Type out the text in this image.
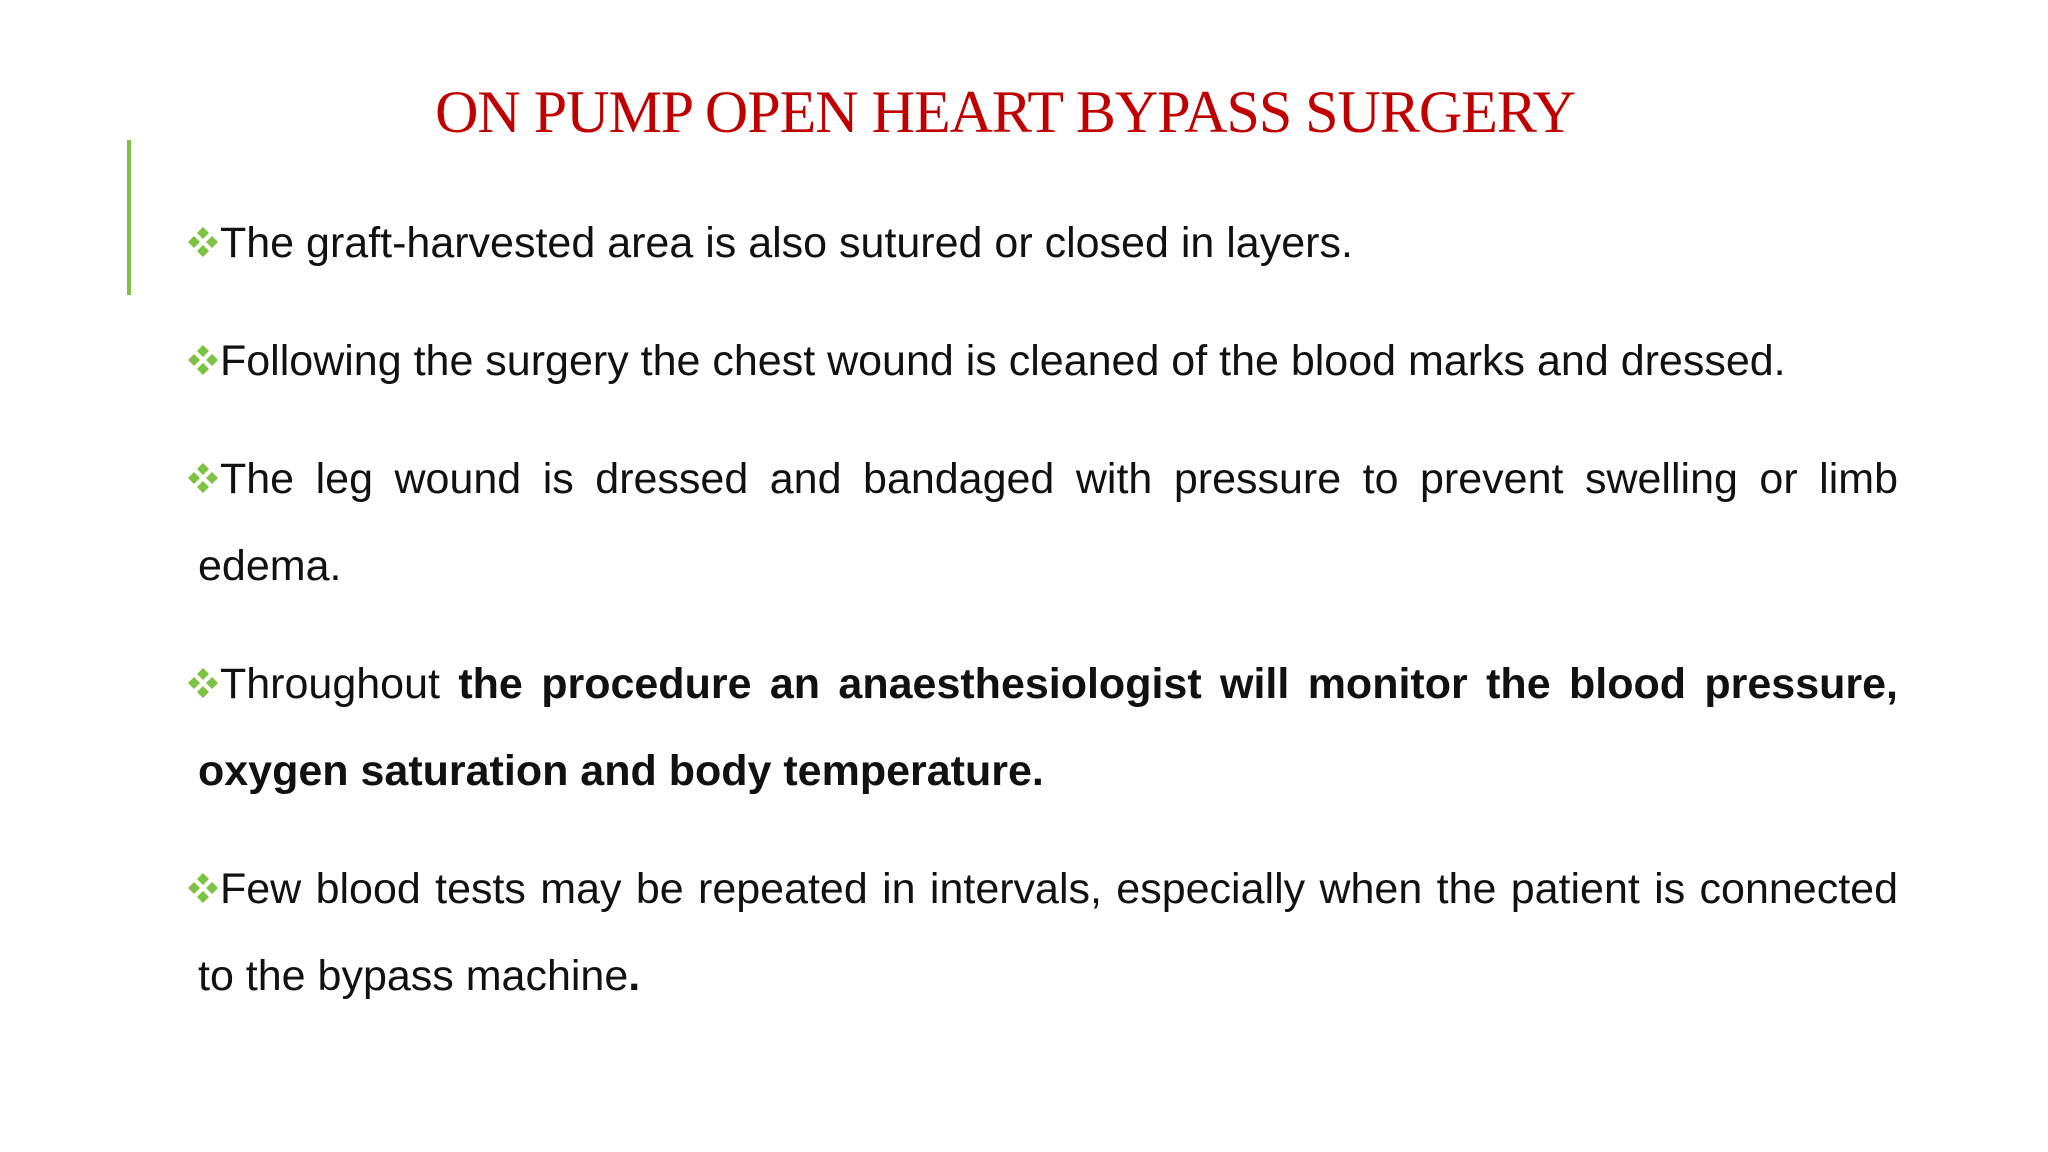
ON PUMP OPEN HEART BYPASS SURGERY

The graft-harvested area is also sutured or closed in layers.

Following the surgery the chest wound is cleaned of the blood marks and dressed.

The leg wound is dressed and bandaged with pressure to prevent swelling or limb edema.

Throughout the procedure an anaesthesiologist will monitor the blood pressure, oxygen saturation and body temperature.

Few blood tests may be repeated in intervals, especially when the patient is connected to the bypass machine.
